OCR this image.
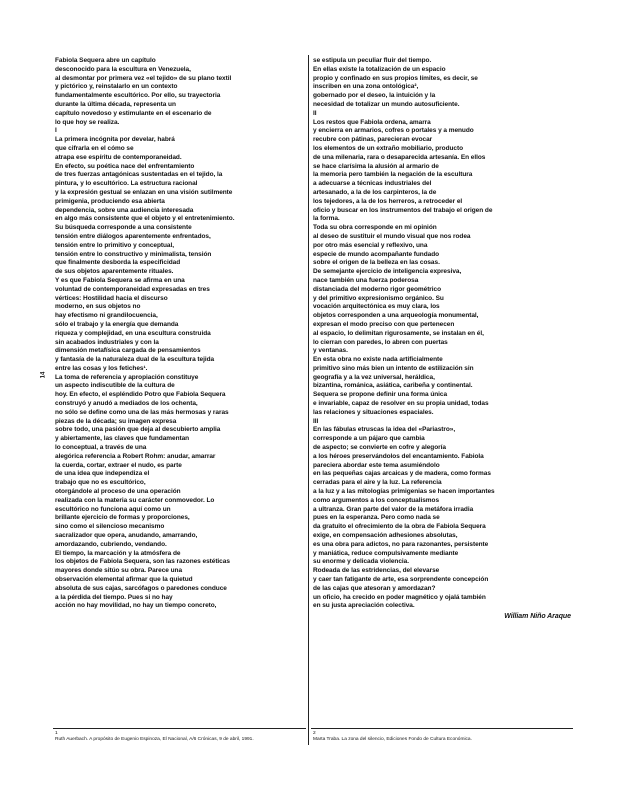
14
Fabiola Sequera abre un capítulo
desconocido para la escultura en Venezuela,
al desmontar por primera vez «el tejido» de su plano textil
y pictórico y, reinstalarlo en un contexto
fundamentalmente escultórico. Por ello, su trayectoria
durante la última década, representa un
capítulo novedoso y estimulante en el escenario de
lo que hoy se realiza.
I
La primera incógnita por develar, habrá
que cifrarla en el cómo se
atrapa ese espíritu de contemporaneidad.
En efecto, su poética nace del enfrentamiento
de tres fuerzas antagónicas sustentadas en el tejido, la
pintura, y lo escultórico. La estructura racional
y la expresión gestual se enlazan en una visión sutilmente
primigenia, produciendo esa abierta
dependencia, sobre una audiencia interesada
en algo más consistente que el objeto y el entretenimiento.
Su búsqueda corresponde a una consistente
tensión entre diálogos aparentemente enfrentados,
tensión entre lo primitivo y conceptual,
tensión entre lo constructivo y minimalista, tensión
que finalmente desborda la especificidad
de sus objetos aparentemente rituales.
Y es que Fabiola Sequera se afirma en una
voluntad de contemporaneidad expresadas en tres
vértices: Hostilidad hacia el discurso
moderno, en sus objetos no
hay efectismo ni grandilocuencia,
sólo el trabajo y la energía que demanda
riqueza y complejidad, en una escultura construida
sin acabados industriales y con la
dimensión metafísica cargada de pensamientos
y fantasía de la naturaleza dual de la escultura tejida
entre las cosas y los fetiches¹.
La toma de referencia y apropiación constituye
un aspecto indiscutible de la cultura de
hoy. En efecto, el espléndido Potro que Fabiola Sequera
construyó y anudó a mediados de los ochenta,
no sólo se define como una de las más hermosas y raras
piezas de la década; su imagen expresa
sobre todo, una pasión que deja al descubierto amplia
y abiertamente, las claves que fundamentan
lo conceptual, a través de una
alegórica referencia a Robert Rohm: anudar, amarrar
la cuerda, cortar, extraer el nudo, es parte
de una idea que independiza el
trabajo que no es escultórico,
otorgándole al proceso de una operación
realizada con la materia su carácter conmovedor. Lo
escultórico no funciona aquí como un
brillante ejercicio de formas y proporciones,
sino como el silencioso mecanismo
sacralizador que opera, anudando, amarrando,
amordazando, cubriendo, vendando.
El tiempo, la marcación y la atmósfera de
los objetos de Fabiola Sequera, son las razones estéticas
mayores donde sitúo su obra. Parece una
observación elemental afirmar que la quietud
absoluta de sus cajas, sarcófagos o paredones conduce
a la pérdida del tiempo. Pues si no hay
acción no hay movilidad, no hay un tiempo concreto,
se estipula un peculiar fluir del tiempo.
En ellas existe la totalización de un espacio
propio y confinado en sus propios límites, es decir, se
inscriben en una zona ontológica²,
gobernado por el deseo, la intuición y la
necesidad de totalizar un mundo autosuficiente.
II
Los restos que Fabiola ordena, amarra
y encierra en armarios, cofres o portales y a menudo
recubre con pátinas, parecieran evocar
los elementos de un extraño mobiliario, producto
de una milenaria, rara o desaparecida artesanía. En ellos
se hace clarísima la alusión al armario de
la memoria pero también la negación de la escultura
a adecuarse a técnicas industriales del
artesanado, a la de los carpinteros, la de
los tejedores, a la de los herreros, a retroceder el
oficio y buscar en los instrumentos del trabajo el origen de
la forma.
Toda su obra corresponde en mi opinión
al deseo de sustituir el mundo visual que nos rodea
por otro más esencial y reflexivo, una
especie de mundo acompañante fundado
sobre el origen de la belleza en las cosas.
De semejante ejercicio de inteligencia expresiva,
nace también una fuerza poderosa
distanciada del moderno rigor geométrico
y del primitivo expresionismo orgánico. Su
vocación arquitectónica es muy clara, los
objetos corresponden a una arqueología monumental,
expresan el modo preciso con que pertenecen
al espacio, lo delimitan rigurosamente, se instalan en él,
lo cierran con paredes, lo abren con puertas
y ventanas.
En esta obra no existe nada artificialmente
primitivo sino más bien un intento de estilización sin
geografía y a la vez universal, heráldica,
bizantina, románica, asiática, caribeña y continental.
Sequera se propone definir una forma única
e invariable, capaz de resolver en su propia unidad, todas
las relaciones y situaciones espaciales.
III
En las fábulas etruscas la idea del «Pariastro»,
corresponde a un pájaro que cambia
de aspecto; se convierte en cofre y alegoría
a los héroes preservándolos del encantamiento. Fabiola
pareciera abordar este tema asumiéndolo
en las pequeñas cajas arcaicas y de madera, como formas
cerradas para el aire y la luz. La referencia
a la luz y a las mitologías primigenias se hacen importantes
como argumentos a los conceptualismos
a ultranza. Gran parte del valor de la metáfora irradia
pues en la esperanza. Pero como nada se
da gratuito el ofrecimiento de la obra de Fabiola Sequera
exige, en compensación adhesiones absolutas,
es una obra para adictos, no para razonantes, persistente
y maniática, reduce compulsivamente mediante
su enorme y delicada violencia.
Rodeada de las estridencias, del elevarse
y caer tan fatigante de arte, esa sorprendente concepción
de las cajas que atesoran y amordazan?
un oficio, ha crecido en poder magnético y ojalá también
en su justa apreciación colectiva.
William Niño Araque
1
Ruth Auerbach. A propósito de Eugenio Espinoza, El Nacional, A/6 Crónicas, 9 de abril, 1991.
2
Marta Traba. La zona del silencio, Ediciones Fondo de Cultura Económica.
